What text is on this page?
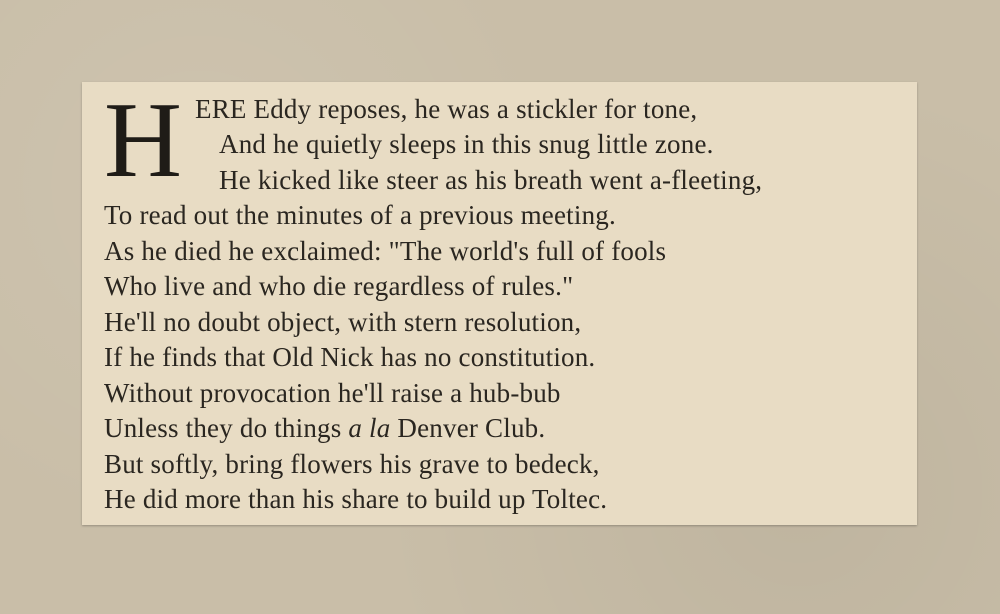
H ERE Eddy reposes, he was a stickler for tone,
And he quietly sleeps in this snug little zone.
He kicked like steer as his breath went a-fleeting,
To read out the minutes of a previous meeting.
As he died he exclaimed: "The world's full of fools
Who live and who die regardless of rules."
He'll no doubt object, with stern resolution,
If he finds that Old Nick has no constitution.
Without provocation he'll raise a hub-bub
Unless they do things a la Denver Club.
But softly, bring flowers his grave to bedeck,
He did more than his share to build up Toltec.
